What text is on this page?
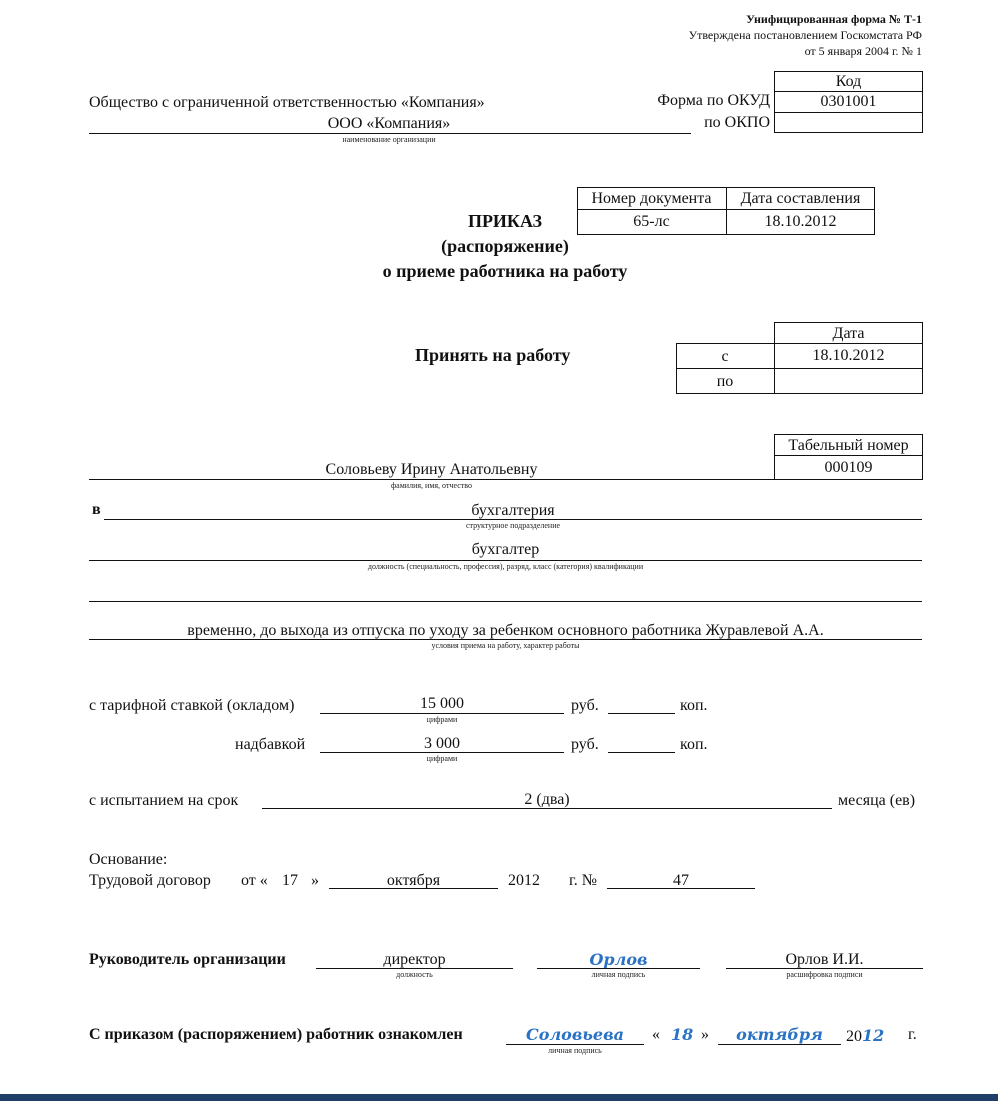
Унифицированная форма № Т-1
Утверждена постановлением Госкомстата РФ
от 5 января 2004 г. № 1
Код
0301001
Форма по ОКУД
по ОКПО
Общество с ограниченной ответственностью «Компания»
ООО «Компания»
наименование организации
Номер документа	Дата составления
65-лс	18.10.2012
ПРИКАЗ
(распоряжение)
о приеме работника на работу
Принять на работу
Дата
с	18.10.2012
по
Табельный номер
000109
Соловьеву Ирину Анатольевну
фамилия, имя, отчество
в	бухгалтерия
структурное подразделение
бухгалтер
должность (специальность, профессия), разряд, класс (категория) квалификации
временно, до выхода из отпуска по уходу за ребенком основного работника Журавлевой А.А.
условия приема на работу, характер работы
с тарифной ставкой (окладом)	15 000
цифрами
руб.	коп.
надбавкой	3 000
цифрами
руб.	коп.
с испытанием на срок	2 (два)	месяца (ев)
Основание:
Трудовой договор от « 17 »	октября	2012 г. №	47
Руководитель организации	директор
должность
Орлов
личная подпись
Орлов И.И.
расшифровка подписи
С приказом (распоряжением) работник ознакомлен	Соловьева
личная подпись
« 18 »	октября	2012 г.
